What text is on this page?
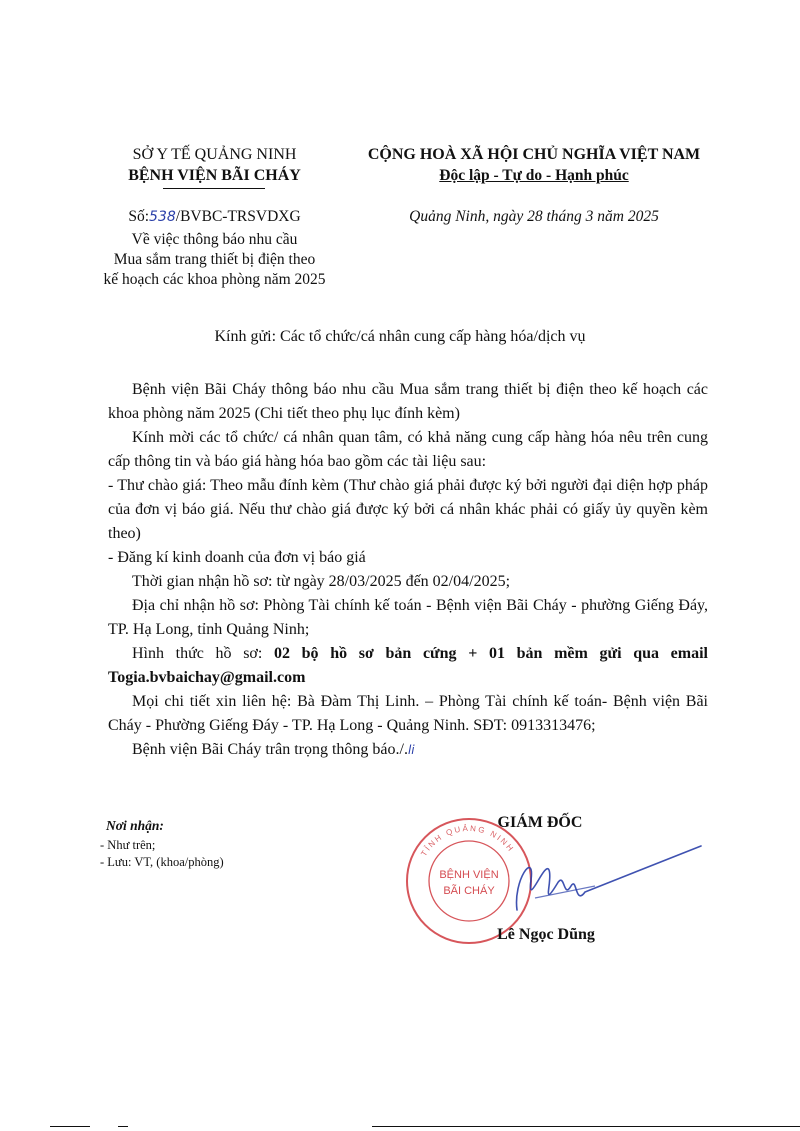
SỞ Y TẾ QUẢNG NINH
BỆNH VIỆN BÃI CHÁY
CỘNG HOÀ XÃ HỘI CHỦ NGHĨA VIỆT NAM
Độc lập - Tự do - Hạnh phúc
Số:538/BVBC-TRSVDXG
Về việc thông báo nhu cầu
Mua sắm trang thiết bị điện theo
kế hoạch các khoa phòng năm 2025
Quảng Ninh, ngày 28 tháng 3 năm 2025
Kính gửi: Các tổ chức/cá nhân cung cấp hàng hóa/dịch vụ

Bệnh viện Bãi Cháy thông báo nhu cầu Mua sắm trang thiết bị điện theo kế hoạch các khoa phòng năm 2025 (Chi tiết theo phụ lục đính kèm)

Kính mời các tổ chức/ cá nhân quan tâm, có khả năng cung cấp hàng hóa nêu trên cung cấp thông tin và báo giá hàng hóa bao gồm các tài liệu sau:

- Thư chào giá: Theo mẫu đính kèm (Thư chào giá phải được ký bởi người đại diện hợp pháp của đơn vị báo giá. Nếu thư chào giá được ký bởi cá nhân khác phải có giấy ủy quyền kèm theo)

- Đăng kí kinh doanh của đơn vị báo giá

Thời gian nhận hồ sơ: từ ngày 28/03/2025 đến 02/04/2025;

Địa chỉ nhận hồ sơ: Phòng Tài chính kế toán - Bệnh viện Bãi Cháy - phường Giếng Đáy, TP. Hạ Long, tỉnh Quảng Ninh;

Hình thức hồ sơ: 02 bộ hồ sơ bản cứng + 01 bản mềm gửi qua email Togia.bvbaichay@gmail.com

Mọi chi tiết xin liên hệ: Bà Đàm Thị Linh. – Phòng Tài chính kế toán- Bệnh viện Bãi Cháy - Phường Giếng Đáy - TP. Hạ Long - Quảng Ninh. SĐT: 0913313476;

Bệnh viện Bãi Cháy trân trọng thông báo./.li

Nơi nhận:
- Như trên;
- Lưu: VT, (khoa/phòng)
TỈNH QUẢNG NINH
BỆNH VIỆN
BÃI CHÁY
GIÁM ĐỐC
Lê Ngọc Dũng
